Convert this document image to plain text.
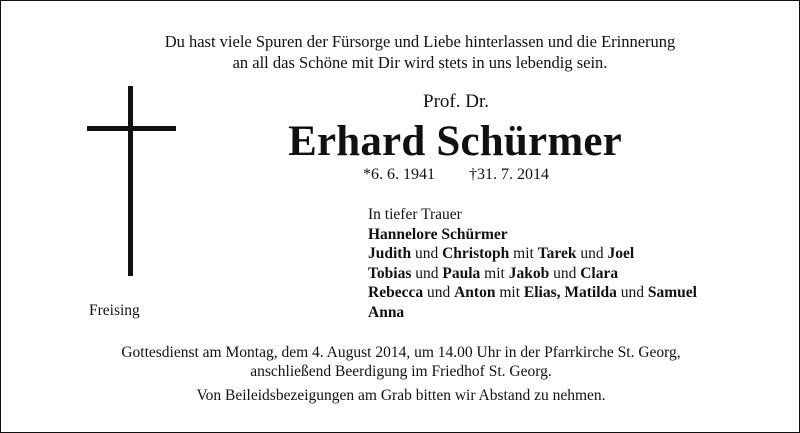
Du hast viele Spuren der Fürsorge und Liebe hinterlassen und die Erinnerung
an all das Schöne mit Dir wird stets in uns lebendig sein.

Prof. Dr.
Erhard Schürmer
*6. 6. 1941 †31. 7. 2014
Freising
In tiefer Trauer
Hannelore Schürmer
Judith und Christoph mit Tarek und Joel
Tobias und Paula mit Jakob und Clara
Rebecca und Anton mit Elias, Matilda und Samuel
Anna

Gottesdienst am Montag, dem 4. August 2014, um 14.00 Uhr in der Pfarrkirche St. Georg,
anschließend Beerdigung im Friedhof St. Georg.

Von Beileidsbezeigungen am Grab bitten wir Abstand zu nehmen.
